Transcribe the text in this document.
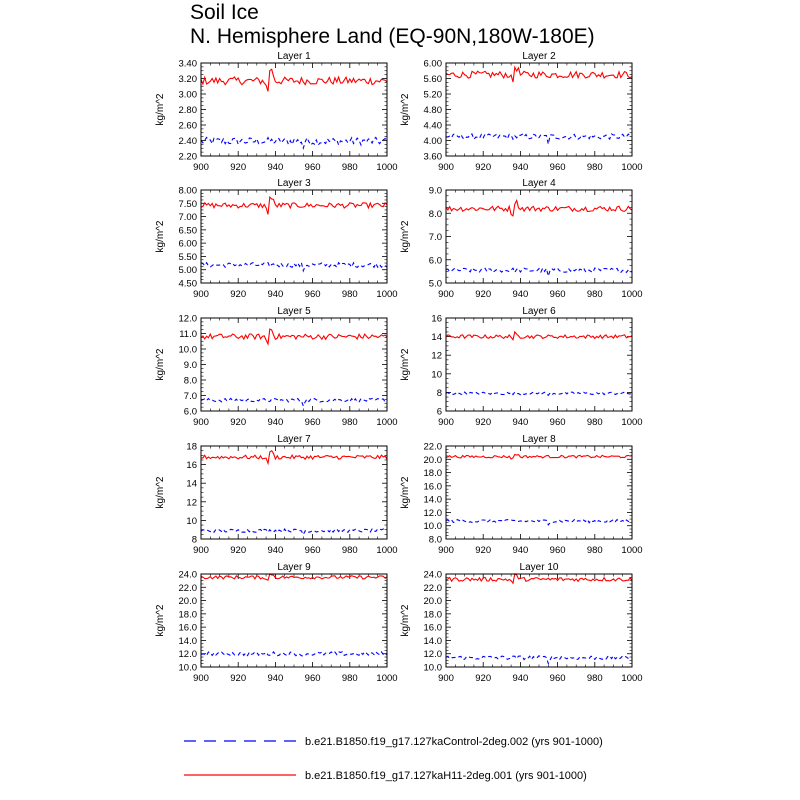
Soil Ice
N. Hemisphere Land (EQ-90N,180W-180E)
Layer 1
kg/m^2
2.20
2.40
2.60
2.80
3.00
3.20
3.40
900 920 940 960 980 1000
Layer 2
kg/m^2
3.60
4.00
4.40
4.80
5.20
5.60
6.00
900 920 940 960 980 1000
Layer 3
kg/m^2
4.50
5.00
5.50
6.00
6.50
7.00
7.50
8.00
900 920 940 960 980 1000
Layer 4
kg/m^2
5.0
6.0
7.0
8.0
9.0
900 920 940 960 980 1000
Layer 5
kg/m^2
6.0
7.0
8.0
9.0
10.0
11.0
12.0
900 920 940 960 980 1000
Layer 6
kg/m^2
6
8
10
12
14
16
900 920 940 960 980 1000
Layer 7
kg/m^2
8
10
12
14
16
18
900 920 940 960 980 1000
Layer 8
kg/m^2
8.0
10.0
12.0
14.0
16.0
18.0
20.0
22.0
900 920 940 960 980 1000
Layer 9
kg/m^2
10.0
12.0
14.0
16.0
18.0
20.0
22.0
24.0
900 920 940 960 980 1000
Layer 10
kg/m^2
10.0
12.0
14.0
16.0
18.0
20.0
22.0
24.0
900 920 940 960 980 1000
b.e21.B1850.f19_g17.127kaControl-2deg.002 (yrs 901-1000)
b.e21.B1850.f19_g17.127kaH11-2deg.001 (yrs 901-1000)
